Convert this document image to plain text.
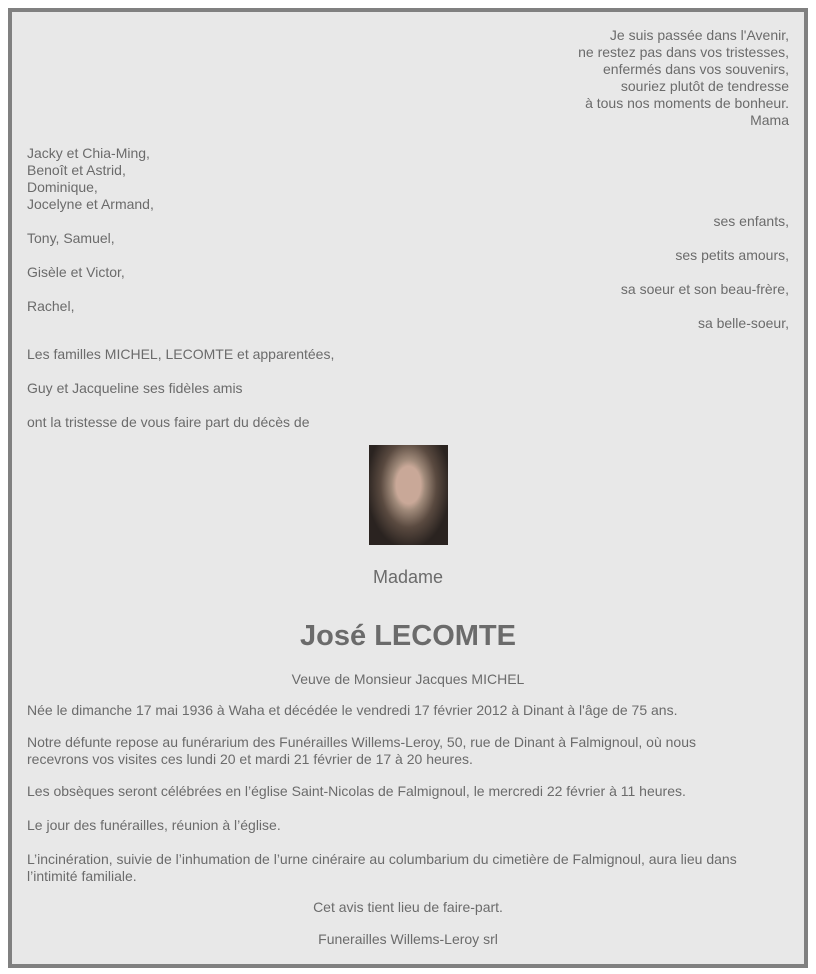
Je suis passée dans l'Avenir,
ne restez pas dans vos tristesses,
enfermés dans vos souvenirs,
souriez plutôt de tendresse
à tous nos moments de bonheur.
Mama
Jacky et Chia-Ming,
Benoît et Astrid,
Dominique,
Jocelyne et Armand,
ses enfants,
Tony, Samuel,
ses petits amours,
Gisèle et Victor,
sa soeur et son beau-frère,
Rachel,
sa belle-soeur,
Les familles MICHEL, LECOMTE et apparentées,
Guy et Jacqueline ses fidèles amis
ont la tristesse de vous faire part du décès de
Madame
José LECOMTE
Veuve de Monsieur Jacques MICHEL
Née le dimanche 17 mai 1936 à Waha et décédée le vendredi 17 février 2012 à Dinant à l'âge de 75 ans.
Notre défunte repose au funérarium des Funérailles Willems-Leroy, 50, rue de Dinant à Falmignoul, où nous recevrons vos visites ces lundi 20 et mardi 21 février de 17 à 20 heures.
Les obsèques seront célébrées en l’église Saint-Nicolas de Falmignoul, le mercredi 22 février à 11 heures.
Le jour des funérailles, réunion à l’église.
L’incinération, suivie de l’inhumation de l’urne cinéraire au columbarium du cimetière de Falmignoul, aura lieu dans l’intimité familiale.
Cet avis tient lieu de faire-part.
Funerailles Willems-Leroy srl
